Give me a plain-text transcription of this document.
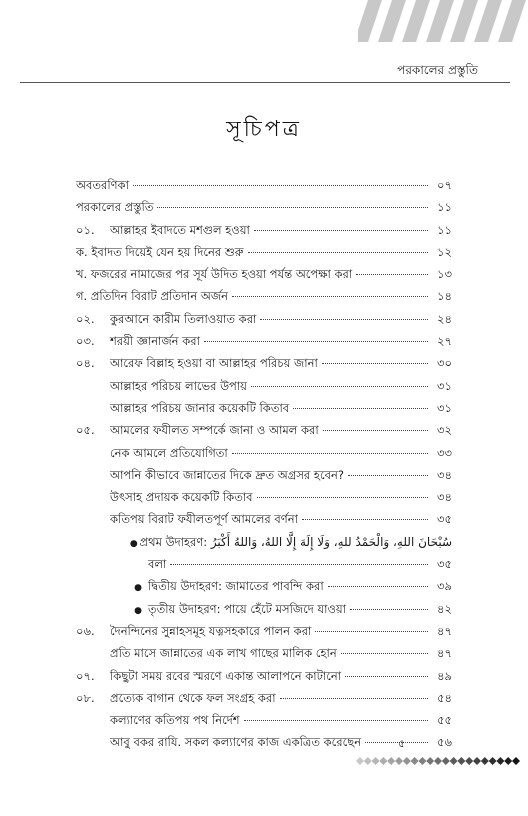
পরকালের প্রস্তুতি
সূচিপত্র
অবতরণিকা	০৭
পরকালের প্রস্তুতি	১১
০১.	আল্লাহর ইবাদতে মশগুল হওয়া	১১
ক. ইবাদত দিয়েই যেন হয় দিনের শুরু	১২
খ. ফজরের নামাজের পর সূর্য উদিত হওয়া পর্যন্ত অপেক্ষা করা	১৩
গ. প্রতিদিন বিরাট প্রতিদান অর্জন	১৪
০২.	কুরআনে কারীম তিলাওয়াত করা	২৪
০৩.	শরয়ী জ্ঞানার্জন করা	২৭
০৪.	আরেফ বিল্লাহ হওয়া বা আল্লাহর পরিচয় জানা	৩০
আল্লাহর পরিচয় লাভের উপায়	৩১
আল্লাহর পরিচয় জানার কয়েকটি কিতাব	৩১
০৫.	আমলের ফযীলত সম্পর্কে জানা ও আমল করা	৩২
নেক আমলে প্রতিযোগিতা	৩৩
আপনি কীভাবে জান্নাতের দিকে দ্রুত অগ্রসর হবেন?	৩৪
উৎসাহ প্রদায়ক কয়েকটি কিতাব	৩৪
কতিপয় বিরাট ফযীলতপূর্ণ আমলের বর্ণনা	৩৫
● প্রথম উদাহরণ:
سُبْحَانَ اللهِ، وَالْحَمْدُ للهِ، وَلَا إِلَهَ إِلَّا اللهُ، وَاللهُ أَكْبَرُ
বলা	৩৫
● দ্বিতীয় উদাহরণ: জামাতের পাবন্দি করা	৩৯
● তৃতীয় উদাহরণ: পায়ে হেঁটে মসজিদে যাওয়া	৪২
০৬.	দৈনন্দিনের সুন্নাহসমূহ যত্নসহকারে পালন করা	৪৭
প্রতি মাসে জান্নাতের এক লাখ গাছের মালিক হোন	৪৭
০৭.	কিছুটা সময় রবের স্মরণে একান্ত আলাপনে কাটানো	৪৯
০৮.	প্রত্যেক বাগান থেকে ফল সংগ্রহ করা	৫৪
কল্যাণের কতিপয় পথ নির্দেশ	৫৫
আবু বকর রাযি. সকল কল্যাণের কাজ একত্রিত করেছেন	৫৬
৫
